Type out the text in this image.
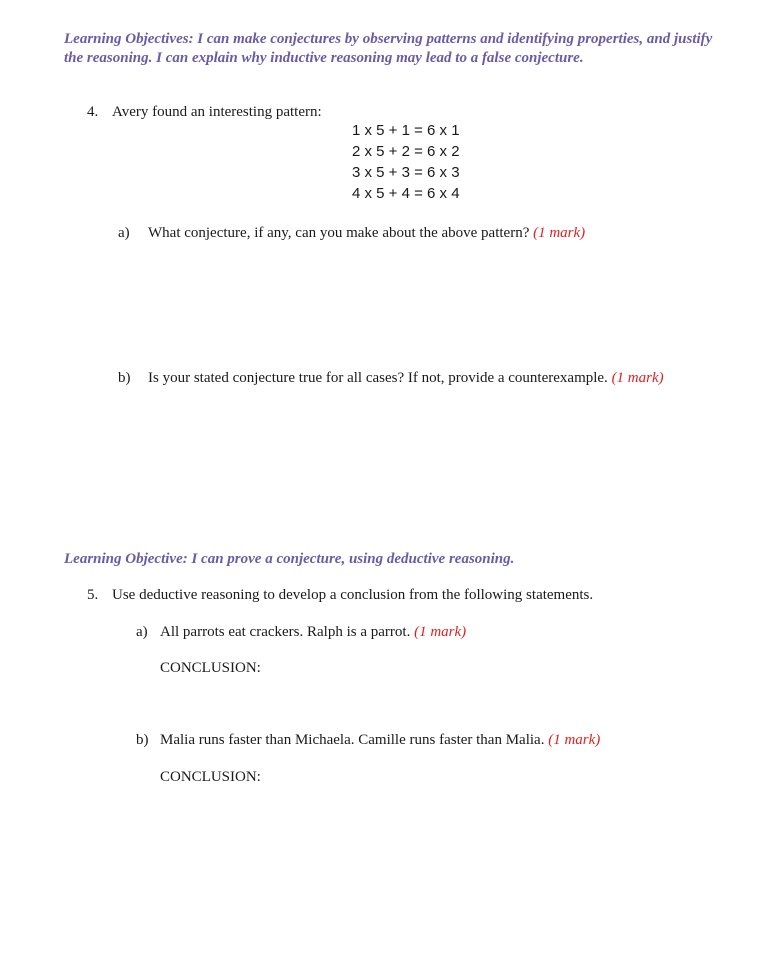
Learning Objectives: I can make conjectures by observing patterns and identifying properties, and justify the reasoning. I can explain why inductive reasoning may lead to a false conjecture.
4. Avery found an interesting pattern:
1 x 5 + 1 = 6 x 1
2 x 5 + 2 = 6 x 2
3 x 5 + 3 = 6 x 3
4 x 5 + 4 = 6 x 4
a) What conjecture, if any, can you make about the above pattern? (1 mark)
b) Is your stated conjecture true for all cases? If not, provide a counterexample. (1 mark)
Learning Objective: I can prove a conjecture, using deductive reasoning.
5. Use deductive reasoning to develop a conclusion from the following statements.
a) All parrots eat crackers. Ralph is a parrot. (1 mark)
CONCLUSION:
b) Malia runs faster than Michaela. Camille runs faster than Malia. (1 mark)
CONCLUSION:
